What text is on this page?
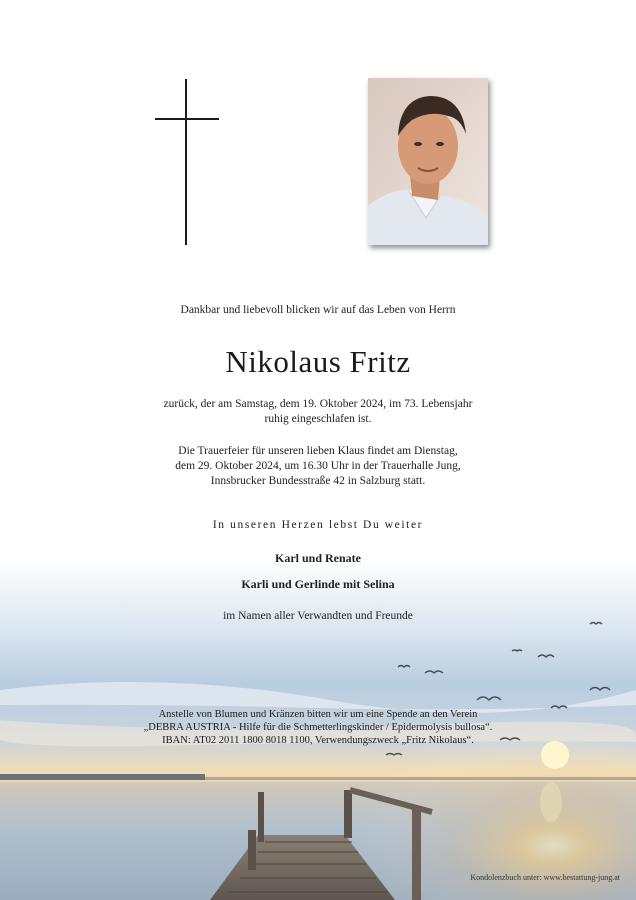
Dankbar und liebevoll blicken wir auf das Leben von Herrn
Nikolaus Fritz
zurück, der am Samstag, dem 19. Oktober 2024, im 73. Lebensjahr
ruhig eingeschlafen ist.
Die Trauerfeier für unseren lieben Klaus findet am Dienstag,
dem 29. Oktober 2024, um 16.30 Uhr in der Trauerhalle Jung,
Innsbrucker Bundesstraße 42 in Salzburg statt.
In unseren Herzen lebst Du weiter
Karl und Renate
Karli und Gerlinde mit Selina
im Namen aller Verwandten und Freunde
Anstelle von Blumen und Kränzen bitten wir um eine Spende an den Verein
„DEBRA AUSTRIA - Hilfe für die Schmetterlingskinder / Epidermolysis bullosa“.
IBAN: AT02 2011 1800 8018 1100, Verwendungszweck „Fritz Nikolaus“.
Kondolenzbuch unter: www.bestattung-jung.at
